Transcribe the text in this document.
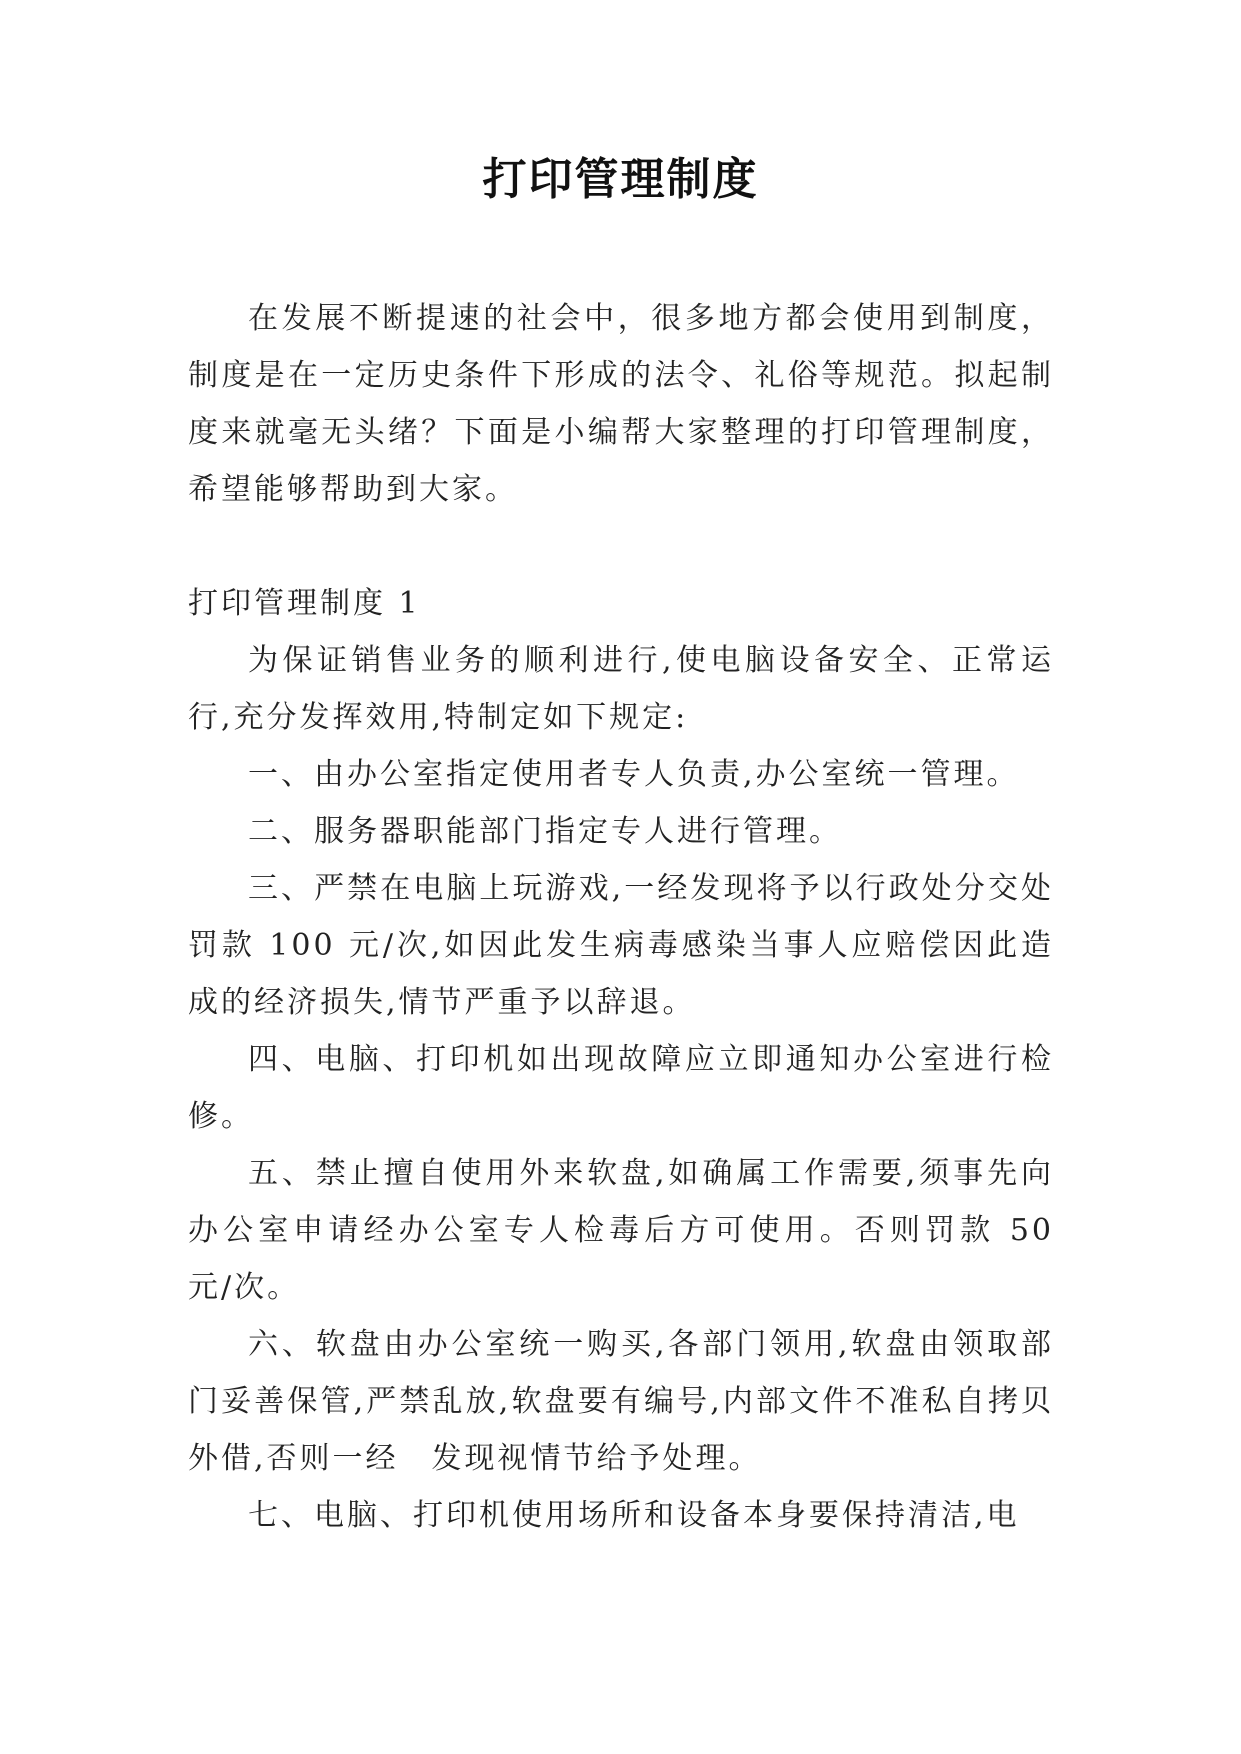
打印管理制度

在发展不断提速的社会中，很多地方都会使用到制度，制度是在一定历史条件下形成的法令、礼俗等规范。拟起制度来就毫无头绪？下面是小编帮大家整理的打印管理制度，希望能够帮助到大家。

打印管理制度 1

为保证销售业务的顺利进行,使电脑设备安全、正常运行,充分发挥效用,特制定如下规定:

一、由办公室指定使用者专人负责,办公室统一管理。

二、服务器职能部门指定专人进行管理。

三、严禁在电脑上玩游戏,一经发现将予以行政处分交处罚款 100 元/次,如因此发生病毒感染当事人应赔偿因此造成的经济损失,情节严重予以辞退。

四、电脑、打印机如出现故障应立即通知办公室进行检修。

五、禁止擅自使用外来软盘,如确属工作需要,须事先向办公室申请经办公室专人检毒后方可使用。否则罚款 50 元/次。

六、软盘由办公室统一购买,各部门领用,软盘由领取部门妥善保管,严禁乱放,软盘要有编号,内部文件不准私自拷贝外借,否则一经　发现视情节给予处理。

七、电脑、打印机使用场所和设备本身要保持清洁,电
